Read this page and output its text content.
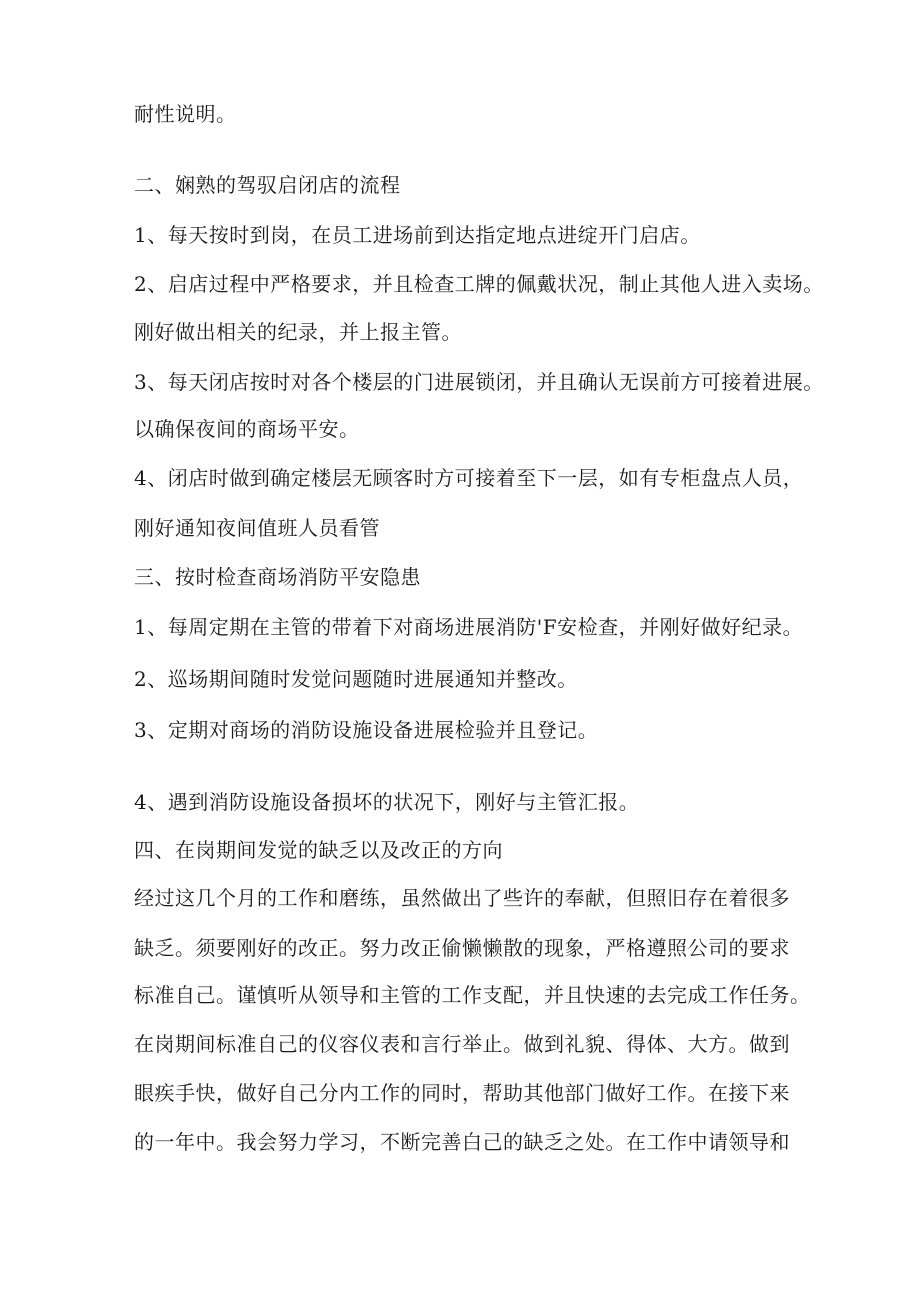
耐性说明。
二、娴熟的驾驭启闭店的流程
1、每天按时到岗，在员工进场前到达指定地点进绽开门启店。
2、启店过程中严格要求，并且检查工牌的佩戴状况，制止其他人进入卖场。
刚好做出相关的纪录，并上报主管。
3、每天闭店按时对各个楼层的门进展锁闭，并且确认无误前方可接着进展。
以确保夜间的商场平安。
4、闭店时做到确定楼层无顾客时方可接着至下一层，如有专柜盘点人员，
刚好通知夜间值班人员看管
三、按时检查商场消防平安隐患
1、每周定期在主管的带着下对商场进展消防'F安检查，并刚好做好纪录。
2、巡场期间随时发觉问题随时进展通知并整改。
3、定期对商场的消防设施设备进展检验并且登记。
4、遇到消防设施设备损坏的状况下，刚好与主管汇报。
四、在岗期间发觉的缺乏以及改正的方向
经过这几个月的工作和磨练，虽然做出了些许的奉献，但照旧存在着很多
缺乏。须要刚好的改正。努力改正偷懒懒散的现象，严格遵照公司的要求
标准自己。谨慎听从领导和主管的工作支配，并且快速的去完成工作任务。
在岗期间标准自己的仪容仪表和言行举止。做到礼貌、得体、大方。做到
眼疾手快，做好自己分内工作的同时，帮助其他部门做好工作。在接下来
的一年中。我会努力学习，不断完善白己的缺乏之处。在工作中请领导和
